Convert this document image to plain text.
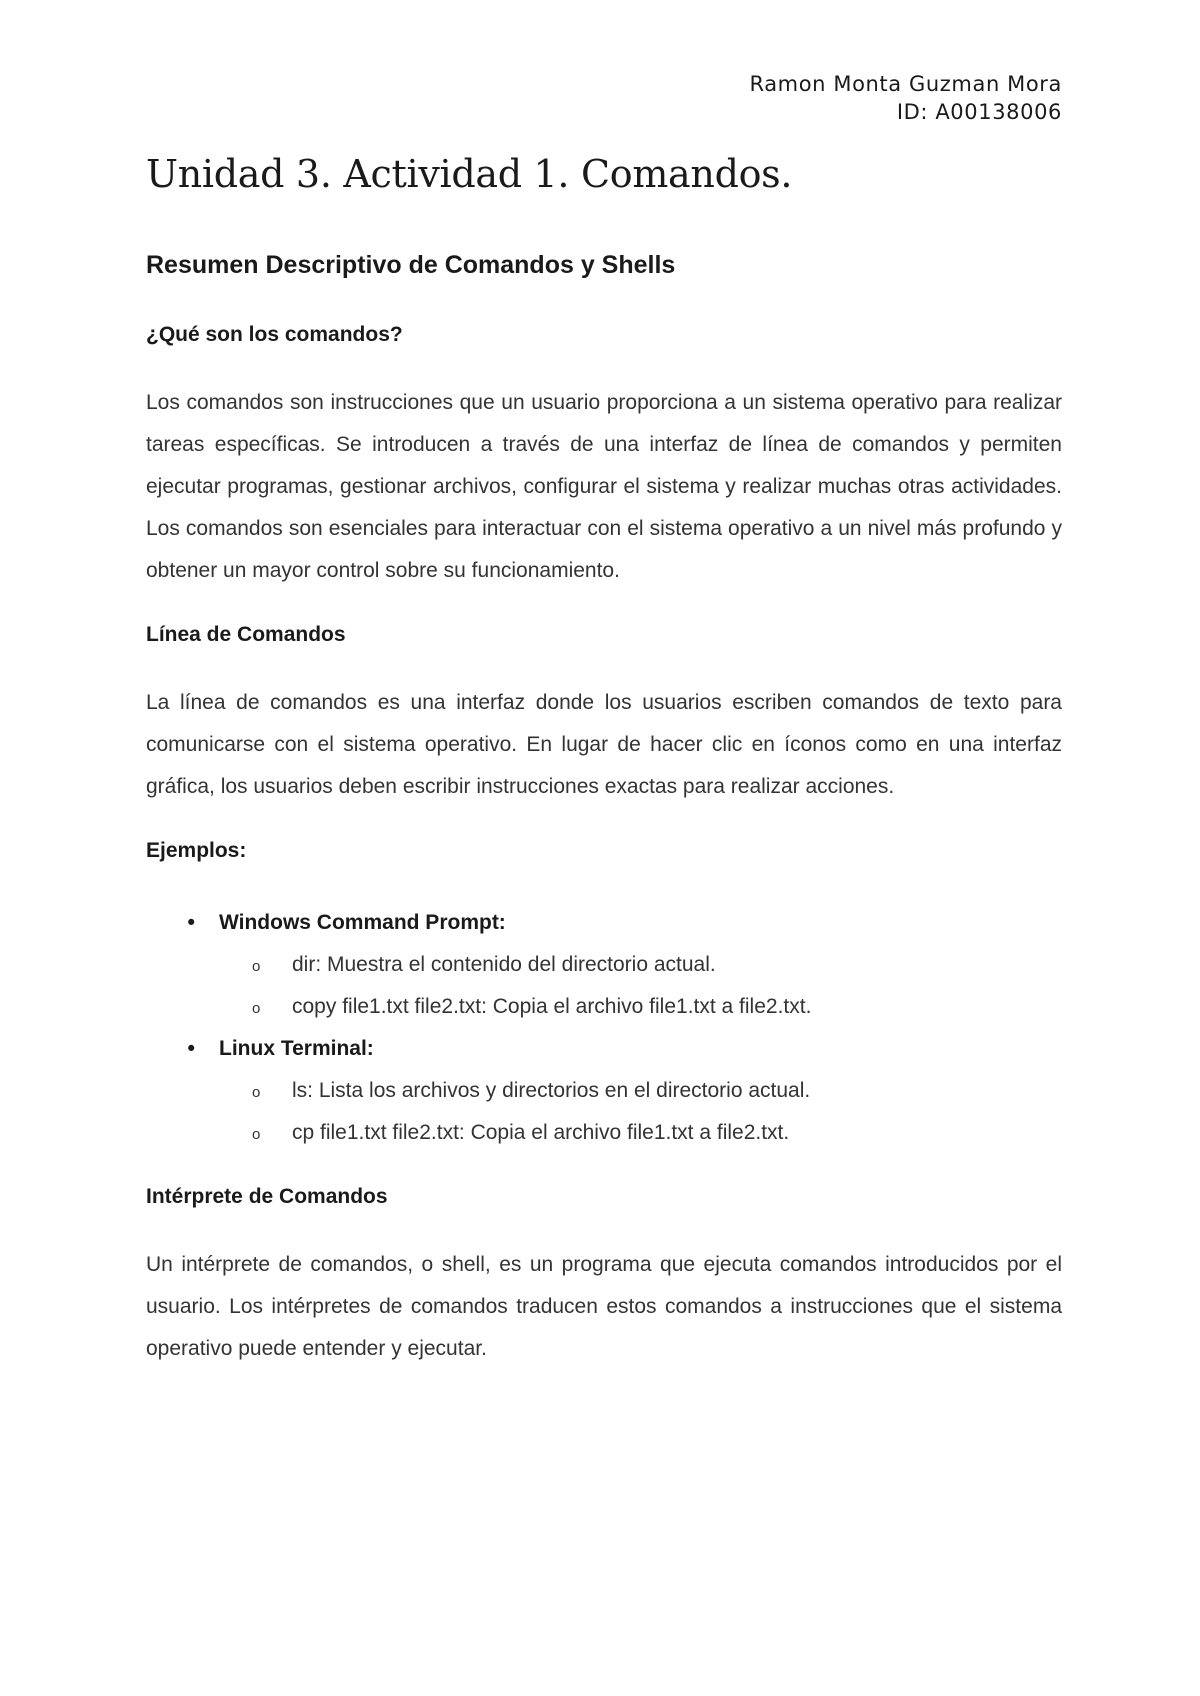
Ramon Monta Guzman Mora
ID: A00138006
Unidad 3. Actividad 1. Comandos.
Resumen Descriptivo de Comandos y Shells
¿Qué son los comandos?

Los comandos son instrucciones que un usuario proporciona a un sistema operativo para realizar tareas específicas. Se introducen a través de una interfaz de línea de comandos y permiten ejecutar programas, gestionar archivos, configurar el sistema y realizar muchas otras actividades. Los comandos son esenciales para interactuar con el sistema operativo a un nivel más profundo y obtener un mayor control sobre su funcionamiento.

Línea de Comandos

La línea de comandos es una interfaz donde los usuarios escriben comandos de texto para comunicarse con el sistema operativo. En lugar de hacer clic en íconos como en una interfaz gráfica, los usuarios deben escribir instrucciones exactas para realizar acciones.

Ejemplos:
• Windows Command Prompt:
o dir: Muestra el contenido del directorio actual.
o copy file1.txt file2.txt: Copia el archivo file1.txt a file2.txt.
• Linux Terminal:
o ls: Lista los archivos y directorios en el directorio actual.
o cp file1.txt file2.txt: Copia el archivo file1.txt a file2.txt.
Intérprete de Comandos

Un intérprete de comandos, o shell, es un programa que ejecuta comandos introducidos por el usuario. Los intérpretes de comandos traducen estos comandos a instrucciones que el sistema operativo puede entender y ejecutar.
